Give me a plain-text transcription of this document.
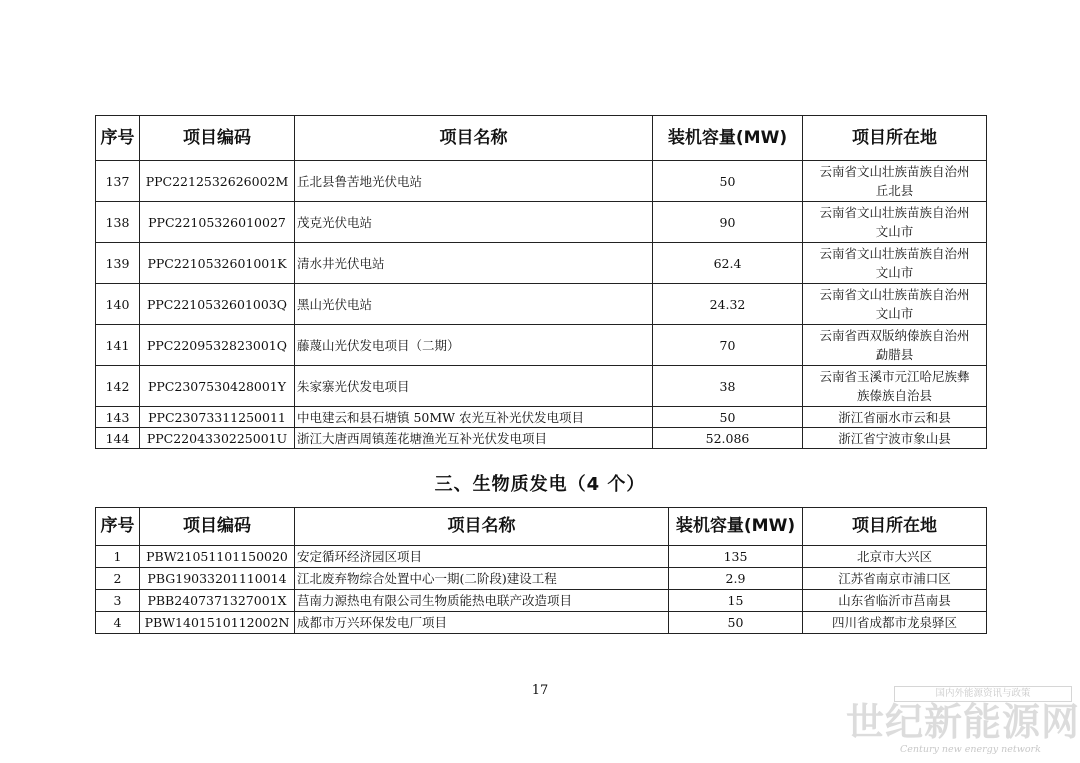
序号	项目编码	项目名称	装机容量(MW)	项目所在地
137	PPC2212532626002M	丘北县鲁苦地光伏电站	50	云南省文山壮族苗族自治州
丘北县
138	PPC22105326010027	茂克光伏电站	90	云南省文山壮族苗族自治州
文山市
139	PPC2210532601001K	清水井光伏电站	62.4	云南省文山壮族苗族自治州
文山市
140	PPC2210532601003Q	黑山光伏电站	24.32	云南省文山壮族苗族自治州
文山市
141	PPC2209532823001Q	藤蔑山光伏发电项目（二期）	70	云南省西双版纳傣族自治州
勐腊县
142	PPC2307530428001Y	朱家寨光伏发电项目	38	云南省玉溪市元江哈尼族彝
族傣族自治县
143	PPC23073311250011	中电建云和县石塘镇 50MW 农光互补光伏发电项目	50	浙江省丽水市云和县
144	PPC2204330225001U	浙江大唐西周镇莲花塘渔光互补光伏发电项目	52.086	浙江省宁波市象山县
三、生物质发电（4 个）
序号	项目编码	项目名称	装机容量(MW)	项目所在地
1	PBW21051101150020	安定循环经济园区项目	135	北京市大兴区
2	PBG19033201110014	江北废弃物综合处置中心一期(二阶段)建设工程	2.9	江苏省南京市浦口区
3	PBB2407371327001X	莒南力源热电有限公司生物质能热电联产改造项目	15	山东省临沂市莒南县
4	PBW1401510112002N	成都市万兴环保发电厂项目	50	四川省成都市龙泉驿区
17	国内外能源资讯与政策
世纪新能源网
Century new energy network
